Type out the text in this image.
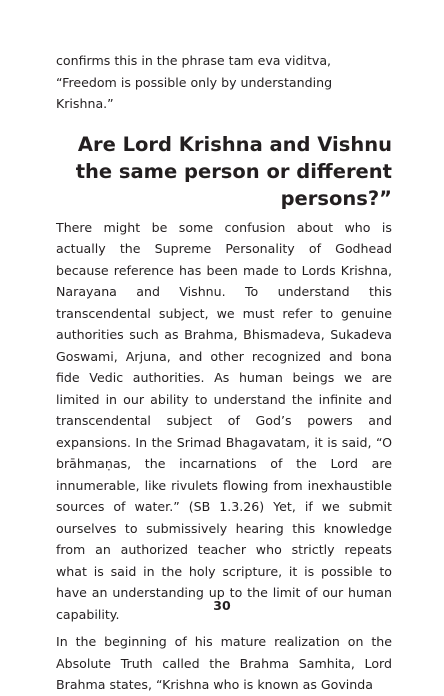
confirms this in the phrase tam eva viditva, “Freedom is possible only by understanding Krishna.”

Are Lord Krishna and Vishnu the same person or different persons?”

There might be some confusion about who is actually the Supreme Personality of Godhead because reference has been made to Lords Krishna, Narayana and Vishnu. To understand this transcendental subject, we must refer to genuine authorities such as Brahma, Bhismadeva, Sukadeva Goswami, Arjuna, and other recognized and bona fide Vedic authorities. As human beings we are limited in our ability to understand the infinite and transcendental subject of God’s powers and expansions. In the Srimad Bhagavatam, it is said, “O brāhmaṇas, the incarnations of the Lord are innumerable, like rivulets flowing from inexhaustible sources of water.” (SB 1.3.26) Yet, if we submit ourselves to submissively hearing this knowledge from an authorized teacher who strictly repeats what is said in the holy scripture, it is possible to have an understanding up to the limit of our human capability.

In the beginning of his mature realization on the Absolute Truth called the Brahma Samhita, Lord Brahma states, “Krishna who is known as Govinda

30
